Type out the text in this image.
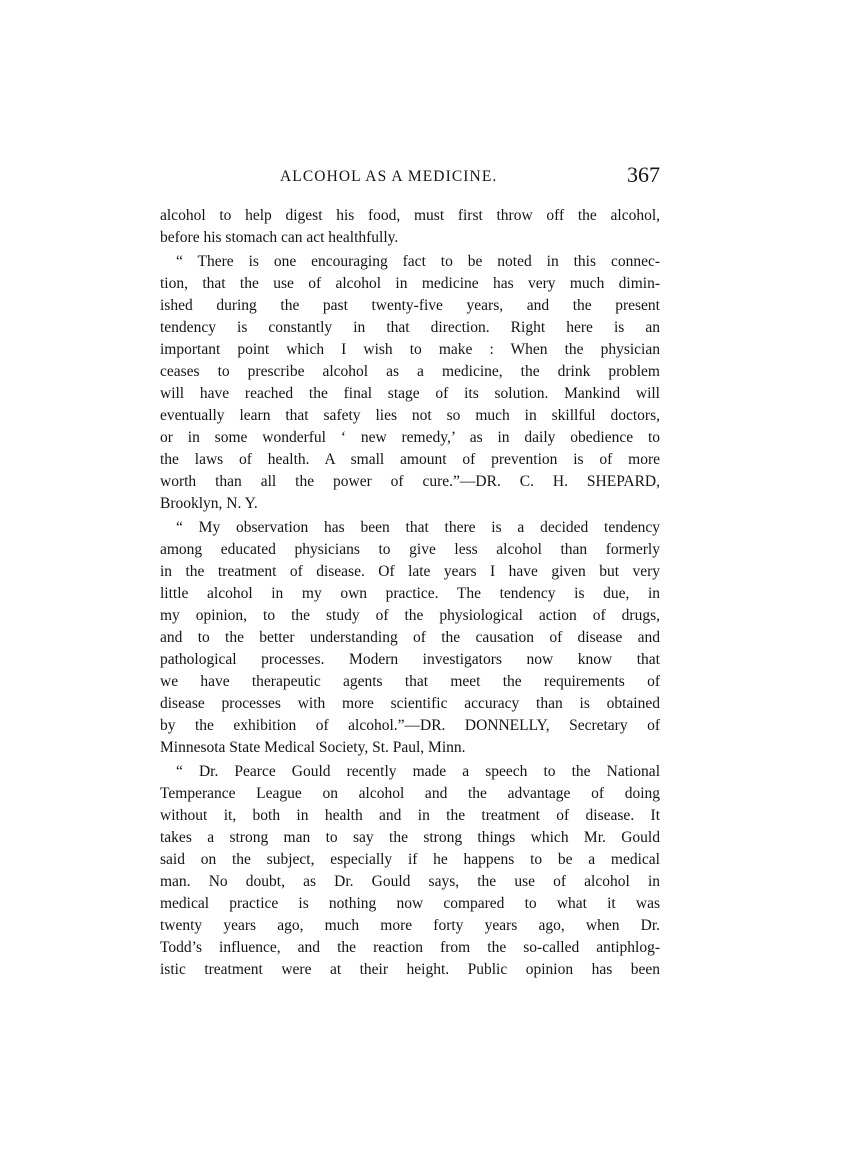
ALCOHOL AS A MEDICINE.	367
alcohol to help digest his food, must first throw off the alcohol,
before his stomach can act healthfully.
“ There is one encouraging fact to be noted in this connec-
tion, that the use of alcohol in medicine has very much dimin-
ished during the past twenty-five years, and the present
tendency is constantly in that direction. Right here is an
important point which I wish to make : When the physician
ceases to prescribe alcohol as a medicine, the drink problem
will have reached the final stage of its solution. Mankind will
eventually learn that safety lies not so much in skillful doctors,
or in some wonderful ‘ new remedy,’ as in daily obedience to
the laws of health. A small amount of prevention is of more
worth than all the power of cure.”—DR. C. H. SHEPARD,
Brooklyn, N. Y.
“ My observation has been that there is a decided tendency
among educated physicians to give less alcohol than formerly
in the treatment of disease. Of late years I have given but very
little alcohol in my own practice. The tendency is due, in
my opinion, to the study of the physiological action of drugs,
and to the better understanding of the causation of disease and
pathological processes. Modern investigators now know that
we have therapeutic agents that meet the requirements of
disease processes with more scientific accuracy than is obtained
by the exhibition of alcohol.”—DR. DONNELLY, Secretary of
Minnesota State Medical Society, St. Paul, Minn.
“ Dr. Pearce Gould recently made a speech to the National
Temperance League on alcohol and the advantage of doing
without it, both in health and in the treatment of disease. It
takes a strong man to say the strong things which Mr. Gould
said on the subject, especially if he happens to be a medical
man. No doubt, as Dr. Gould says, the use of alcohol in
medical practice is nothing now compared to what it was
twenty years ago, much more forty years ago, when Dr.
Todd’s influence, and the reaction from the so-called antiphlog-
istic treatment were at their height. Public opinion has been
